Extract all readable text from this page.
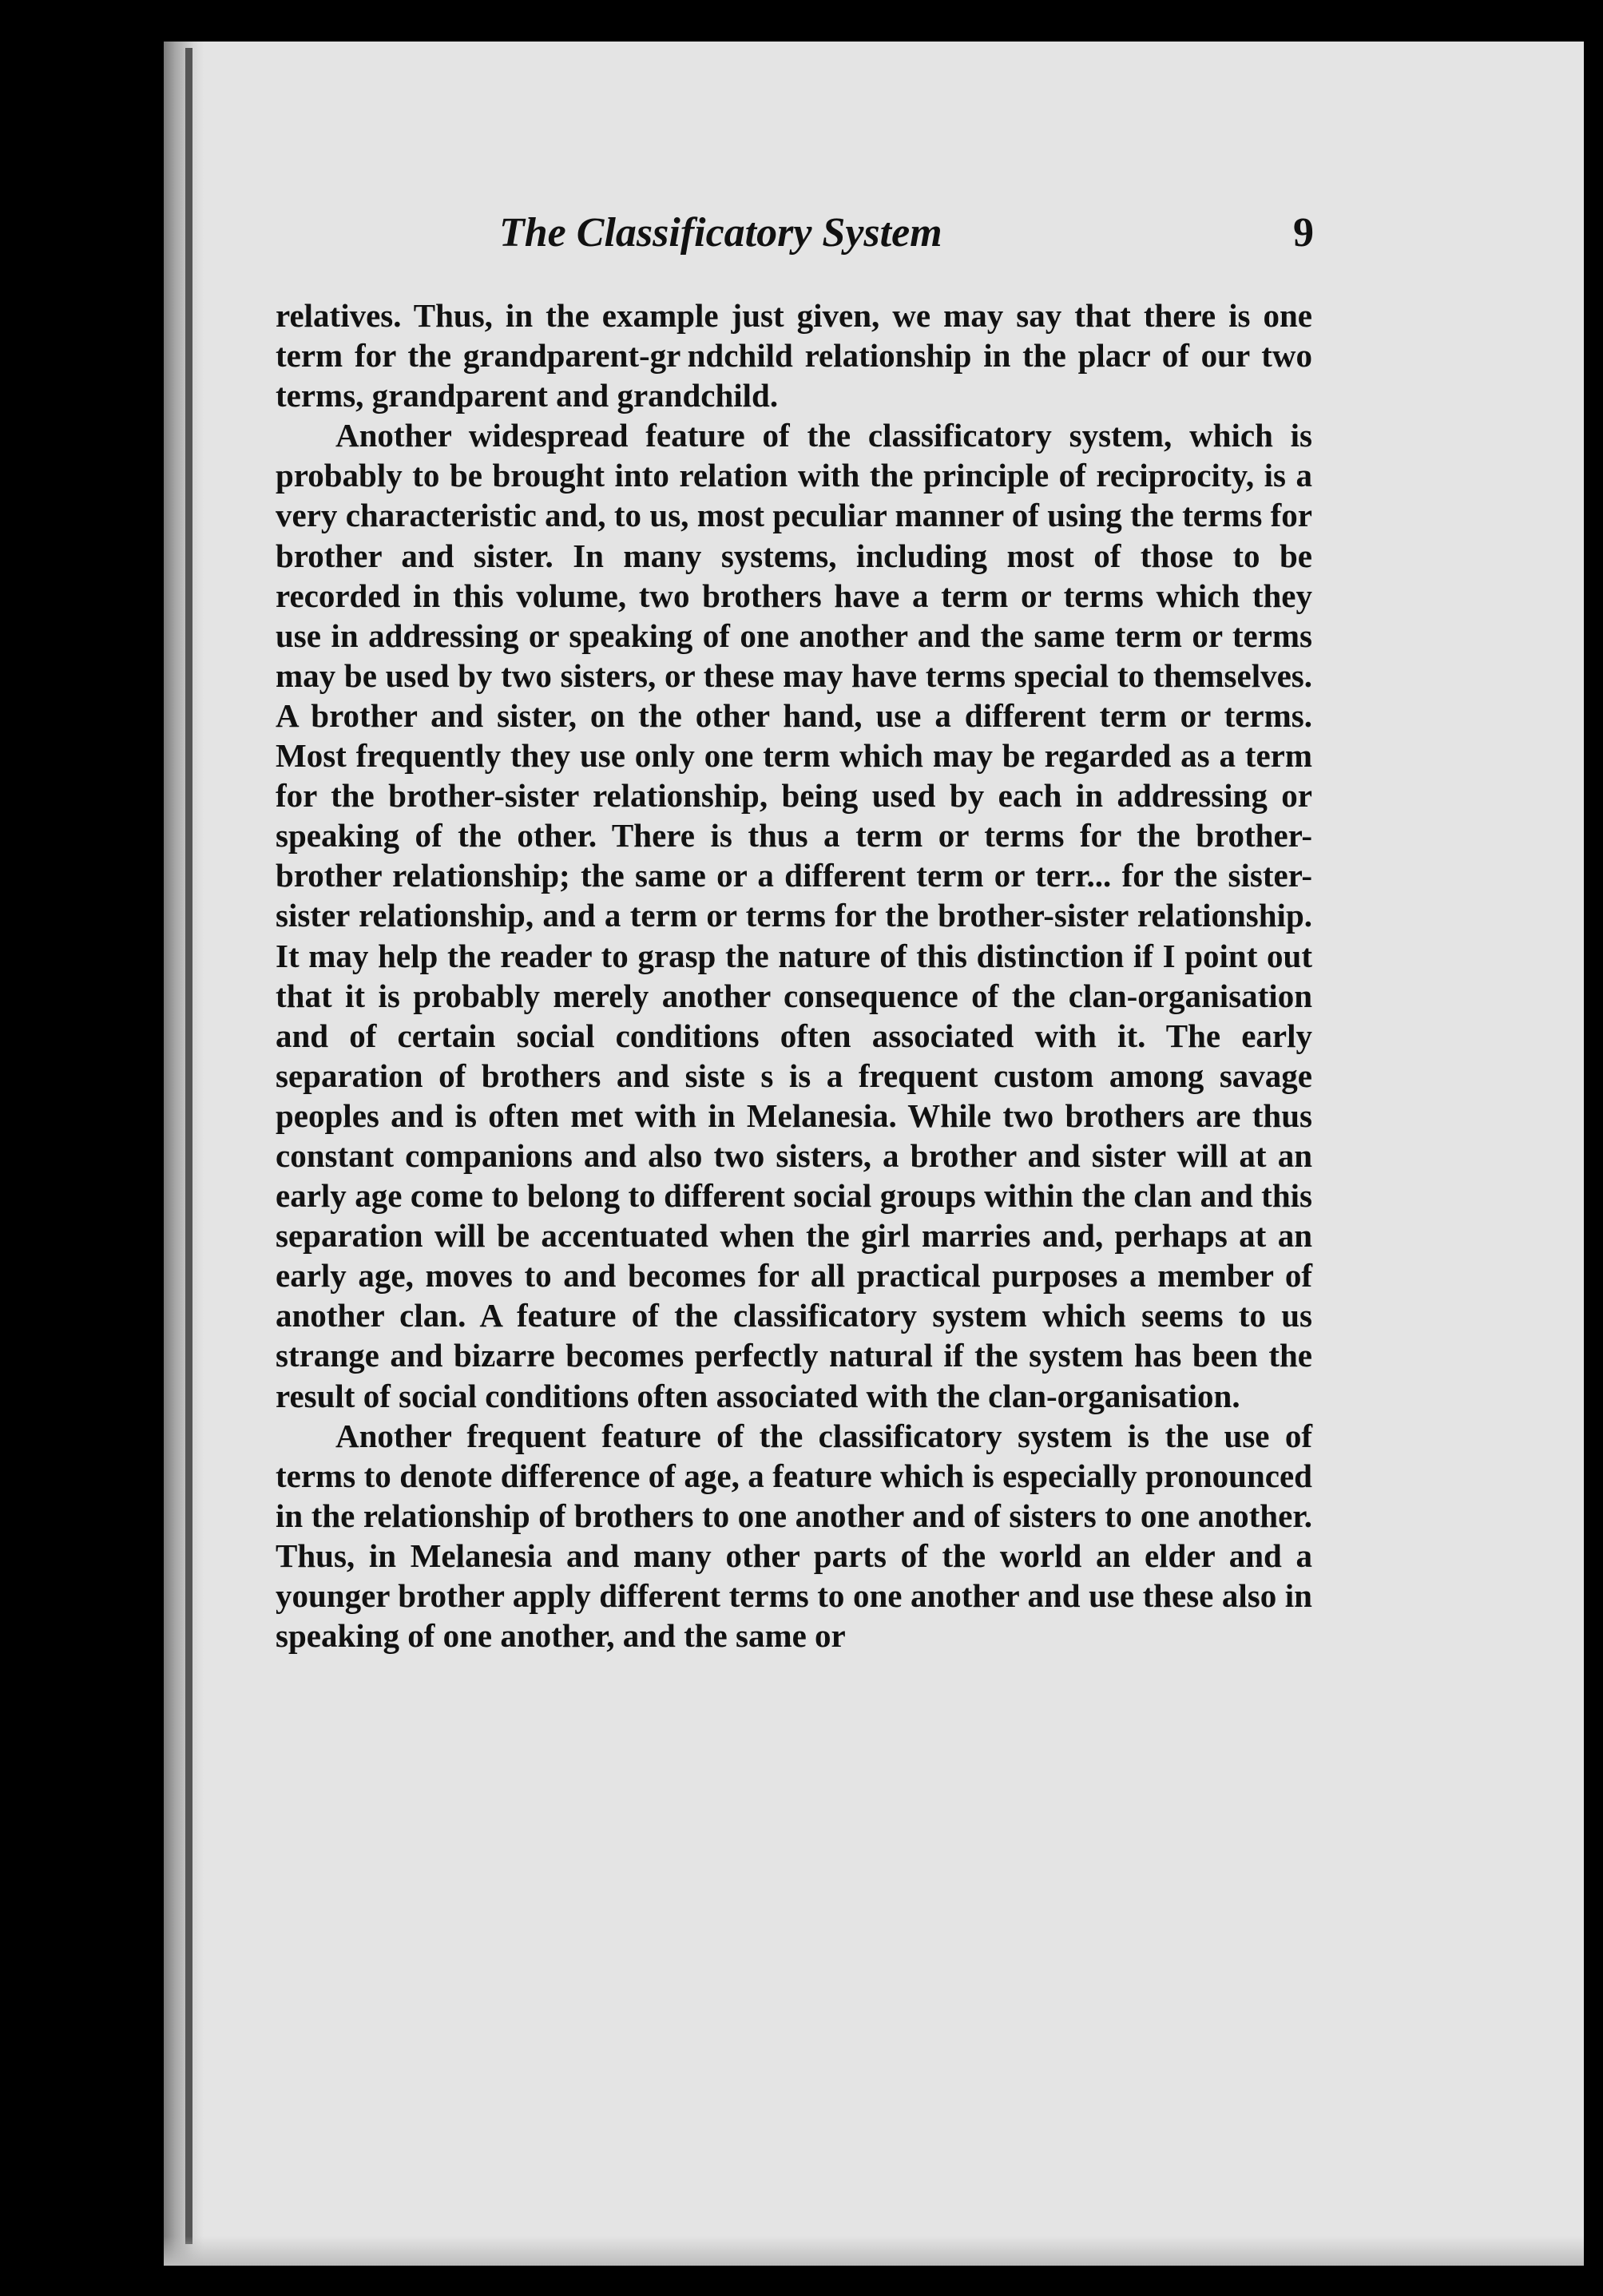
The Classificatory System	9

relatives. Thus, in the example just given, we may say that there is one term for the grandparent-gr ndchild relationship in the placr of our two terms, grandparent and grandchild.

Another widespread feature of the classificatory system, which is probably to be brought into relation with the principle of reciprocity, is a very characteristic and, to us, most peculiar manner of using the terms for brother and sister. In many systems, including most of those to be recorded in this volume, two brothers have a term or terms which they use in addressing or speaking of one another and the same term or terms may be used by two sisters, or these may have terms special to themselves. A brother and sister, on the other hand, use a different term or terms. Most frequently they use only one term which may be regarded as a term for the brother-sister relationship, being used by each in addressing or speaking of the other. There is thus a term or terms for the brother-brother relationship; the same or a different term or terr... for the sister-sister relationship, and a term or terms for the brother-sister relationship. It may help the reader to grasp the nature of this distinction if I point out that it is probably merely another consequence of the clan-organisation and of certain social conditions often associated with it. The early separation of brothers and siste s is a frequent custom among savage peoples and is often met with in Melanesia. While two brothers are thus constant companions and also two sisters, a brother and sister will at an early age come to belong to different social groups within the clan and this separation will be accentuated when the girl marries and, perhaps at an early age, moves to and becomes for all practical purposes a member of another clan. A feature of the classificatory system which seems to us strange and bizarre becomes perfectly natural if the system has been the result of social conditions often associated with the clan-organisation.

Another frequent feature of the classificatory system is the use of terms to denote difference of age, a feature which is especially pronounced in the relationship of brothers to one another and of sisters to one another. Thus, in Melanesia and many other parts of the world an elder and a younger brother apply different terms to one another and use these also in speaking of one another, and the same or
